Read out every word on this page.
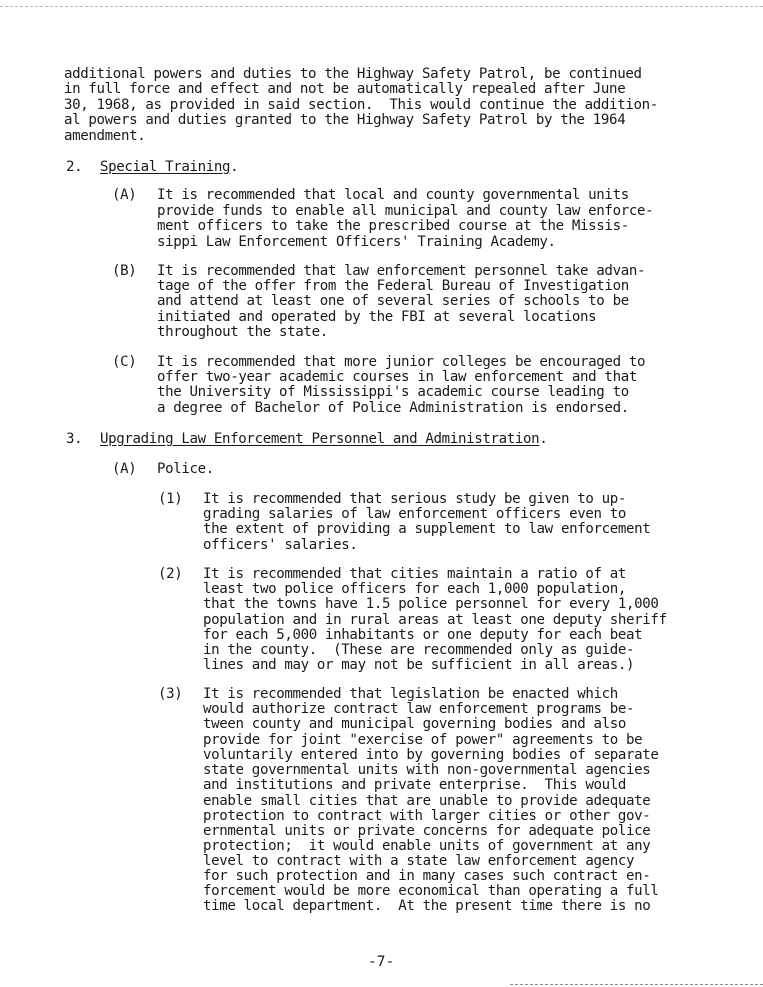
additional powers and duties to the Highway Safety Patrol, be continued
in full force and effect and not be automatically repealed after June
30, 1968, as provided in said section.  This would continue the addition-
al powers and duties granted to the Highway Safety Patrol by the 1964
amendment.
2. Special Training.
(A) It is recommended that local and county governmental units
provide funds to enable all municipal and county law enforce-
ment officers to take the prescribed course at the Missis-
sippi Law Enforcement Officers' Training Academy.
(B) It is recommended that law enforcement personnel take advan-
tage of the offer from the Federal Bureau of Investigation
and attend at least one of several series of schools to be
initiated and operated by the FBI at several locations
throughout the state.
(C) It is recommended that more junior colleges be encouraged to
offer two-year academic courses in law enforcement and that
the University of Mississippi's academic course leading to
a degree of Bachelor of Police Administration is endorsed.
3. Upgrading Law Enforcement Personnel and Administration.
(A) Police.
(1) It is recommended that serious study be given to up-
grading salaries of law enforcement officers even to
the extent of providing a supplement to law enforcement
officers' salaries.
(2) It is recommended that cities maintain a ratio of at
least two police officers for each 1,000 population,
that the towns have 1.5 police personnel for every 1,000
population and in rural areas at least one deputy sheriff
for each 5,000 inhabitants or one deputy for each beat
in the county.  (These are recommended only as guide-
lines and may or may not be sufficient in all areas.)
(3) It is recommended that legislation be enacted which
would authorize contract law enforcement programs be-
tween county and municipal governing bodies and also
provide for joint "exercise of power" agreements to be
voluntarily entered into by governing bodies of separate
state governmental units with non-governmental agencies
and institutions and private enterprise.  This would
enable small cities that are unable to provide adequate
protection to contract with larger cities or other gov-
ernmental units or private concerns for adequate police
protection;  it would enable units of government at any
level to contract with a state law enforcement agency
for such protection and in many cases such contract en-
forcement would be more economical than operating a full
time local department.  At the present time there is no
-7-
